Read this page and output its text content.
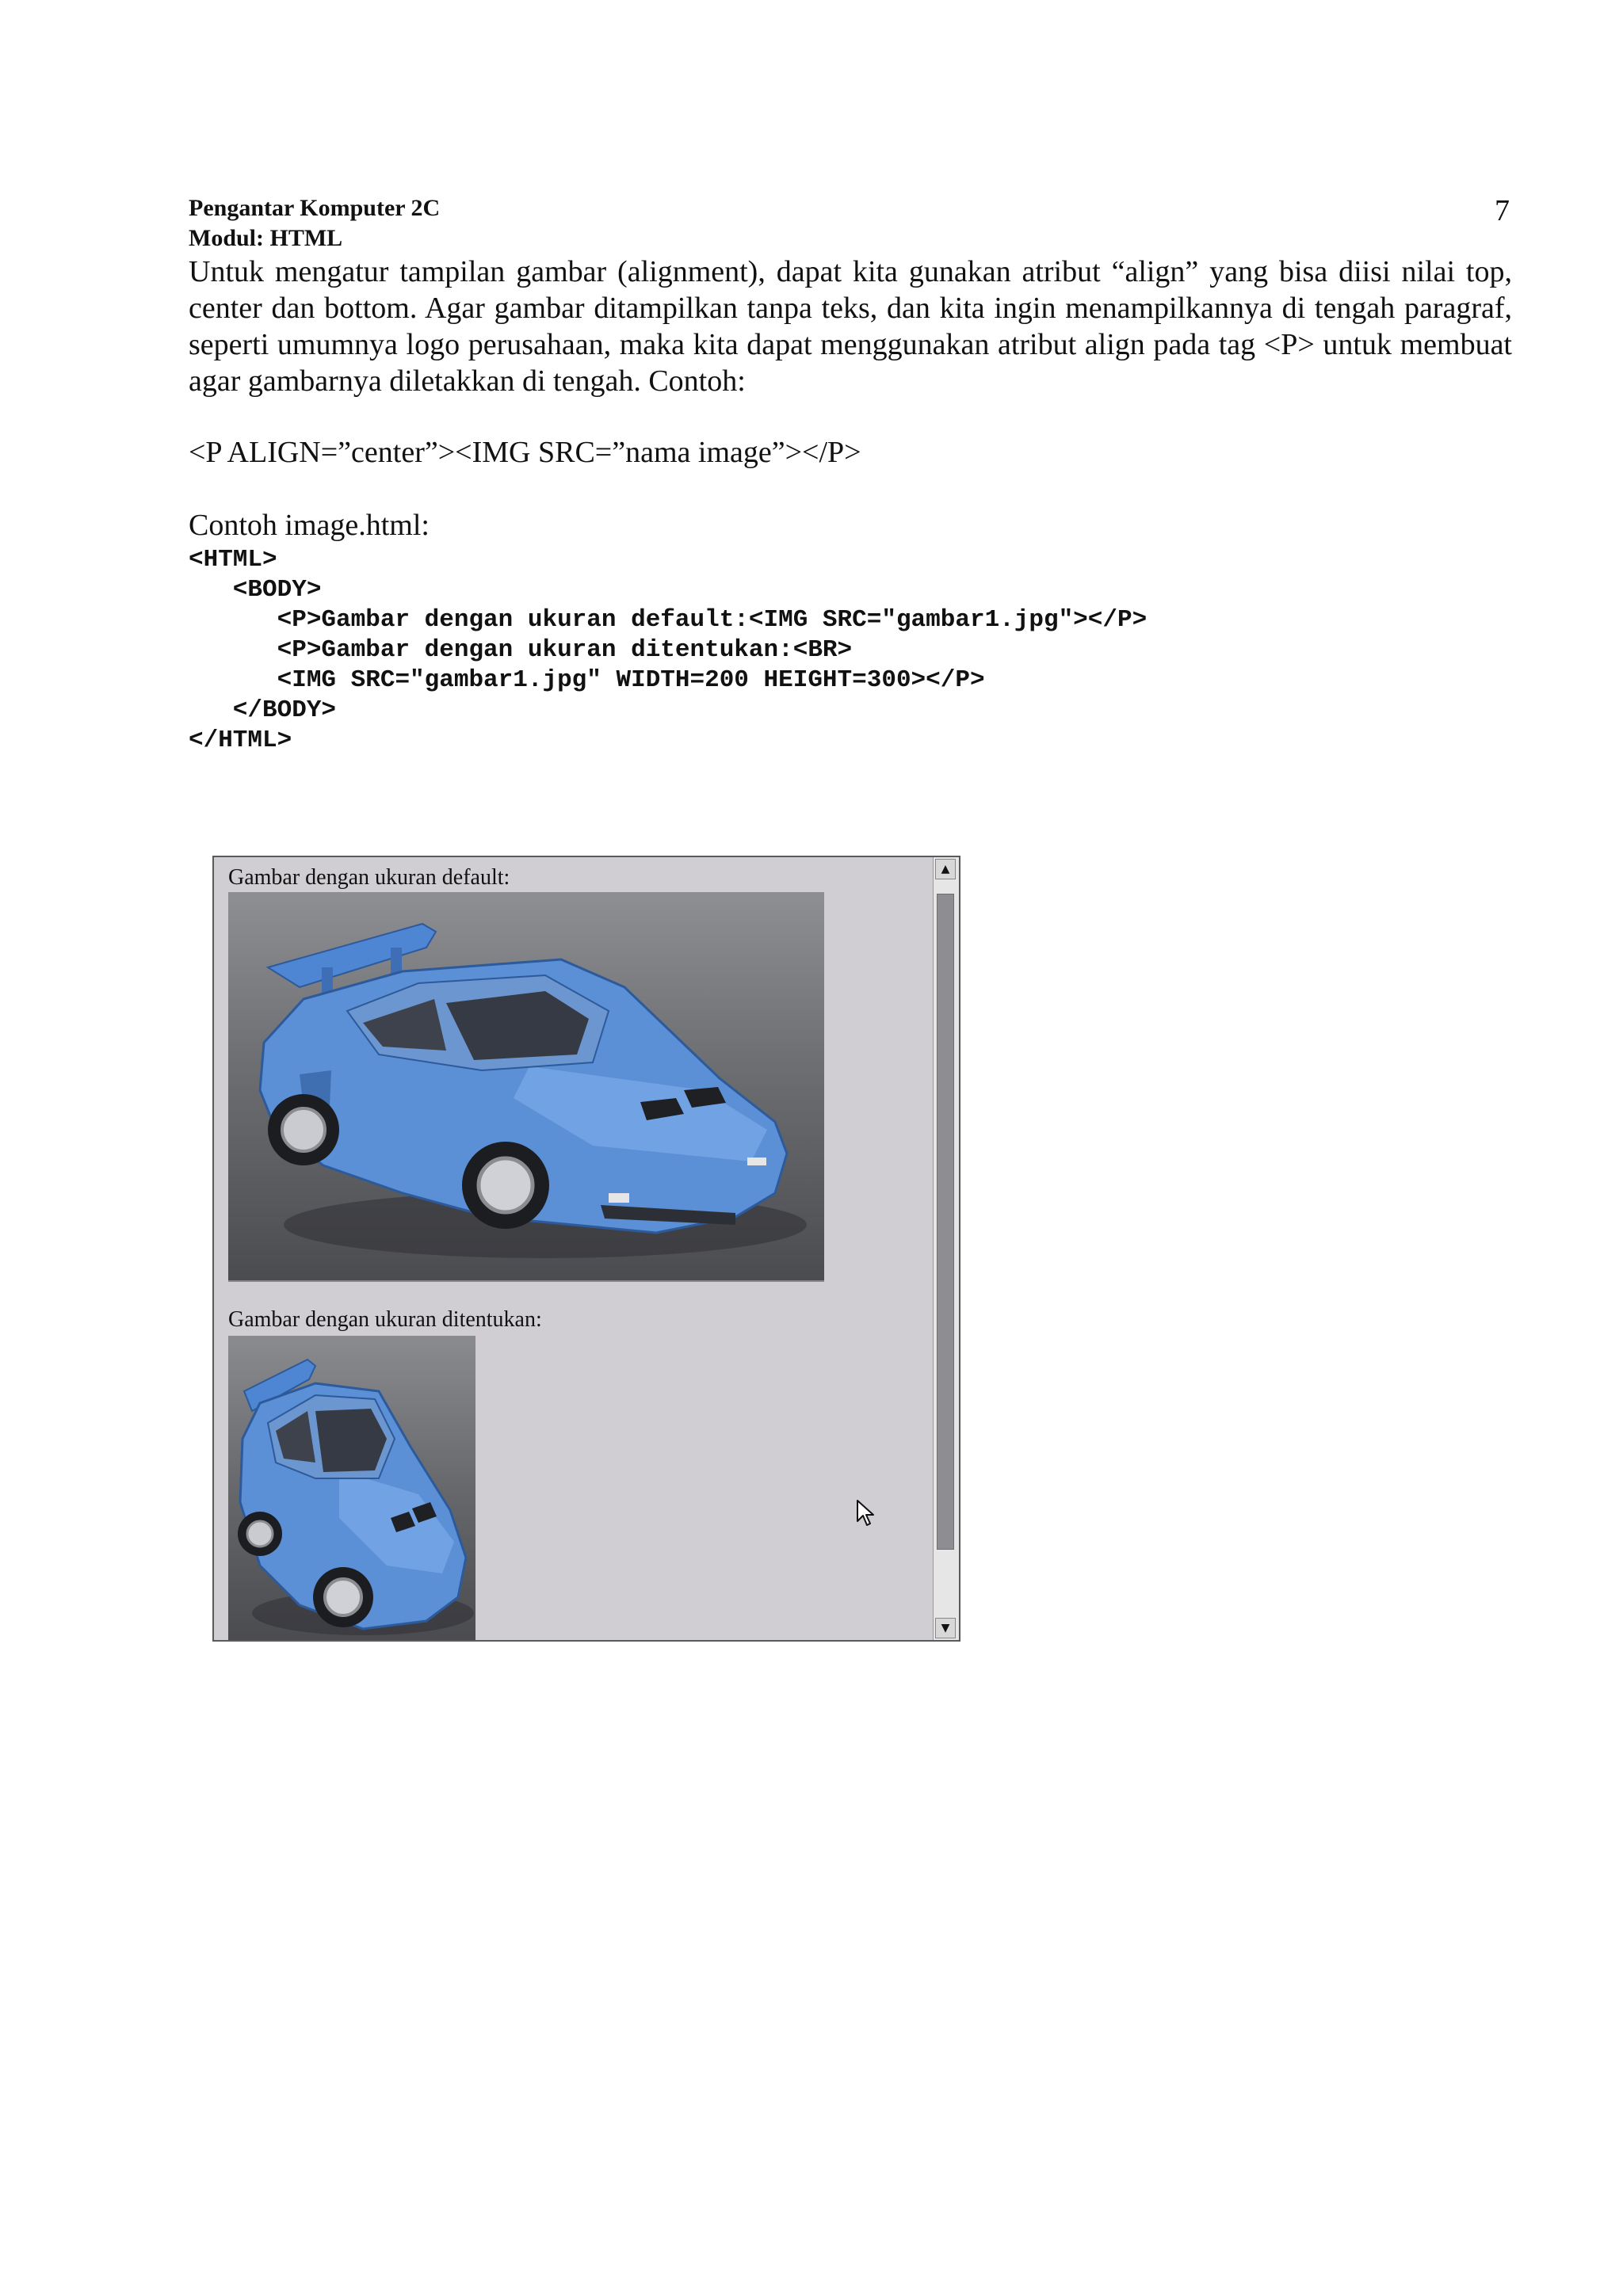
Pengantar Komputer 2C
Modul: HTML
7

Untuk mengatur tampilan gambar (alignment), dapat kita gunakan atribut “align” yang bisa diisi nilai top, center dan bottom. Agar gambar ditampilkan tanpa teks, dan kita ingin menampilkannya di tengah paragraf, seperti umumnya logo perusahaan, maka kita dapat menggunakan atribut align pada tag <P> untuk membuat agar gambarnya diletakkan di tengah. Contoh:

<P ALIGN=”center”><IMG SRC=”nama image”></P>
Contoh image.html:
<HTML>
<BODY>
<P>Gambar dengan ukuran default:<IMG SRC="gambar1.jpg"></P>
<P>Gambar dengan ukuran ditentukan:<BR>
<IMG SRC="gambar1.jpg" WIDTH=200 HEIGHT=300></P>
</BODY>
</HTML>
Gambar dengan ukuran default:
Gambar dengan ukuran ditentukan:
▲
▼
